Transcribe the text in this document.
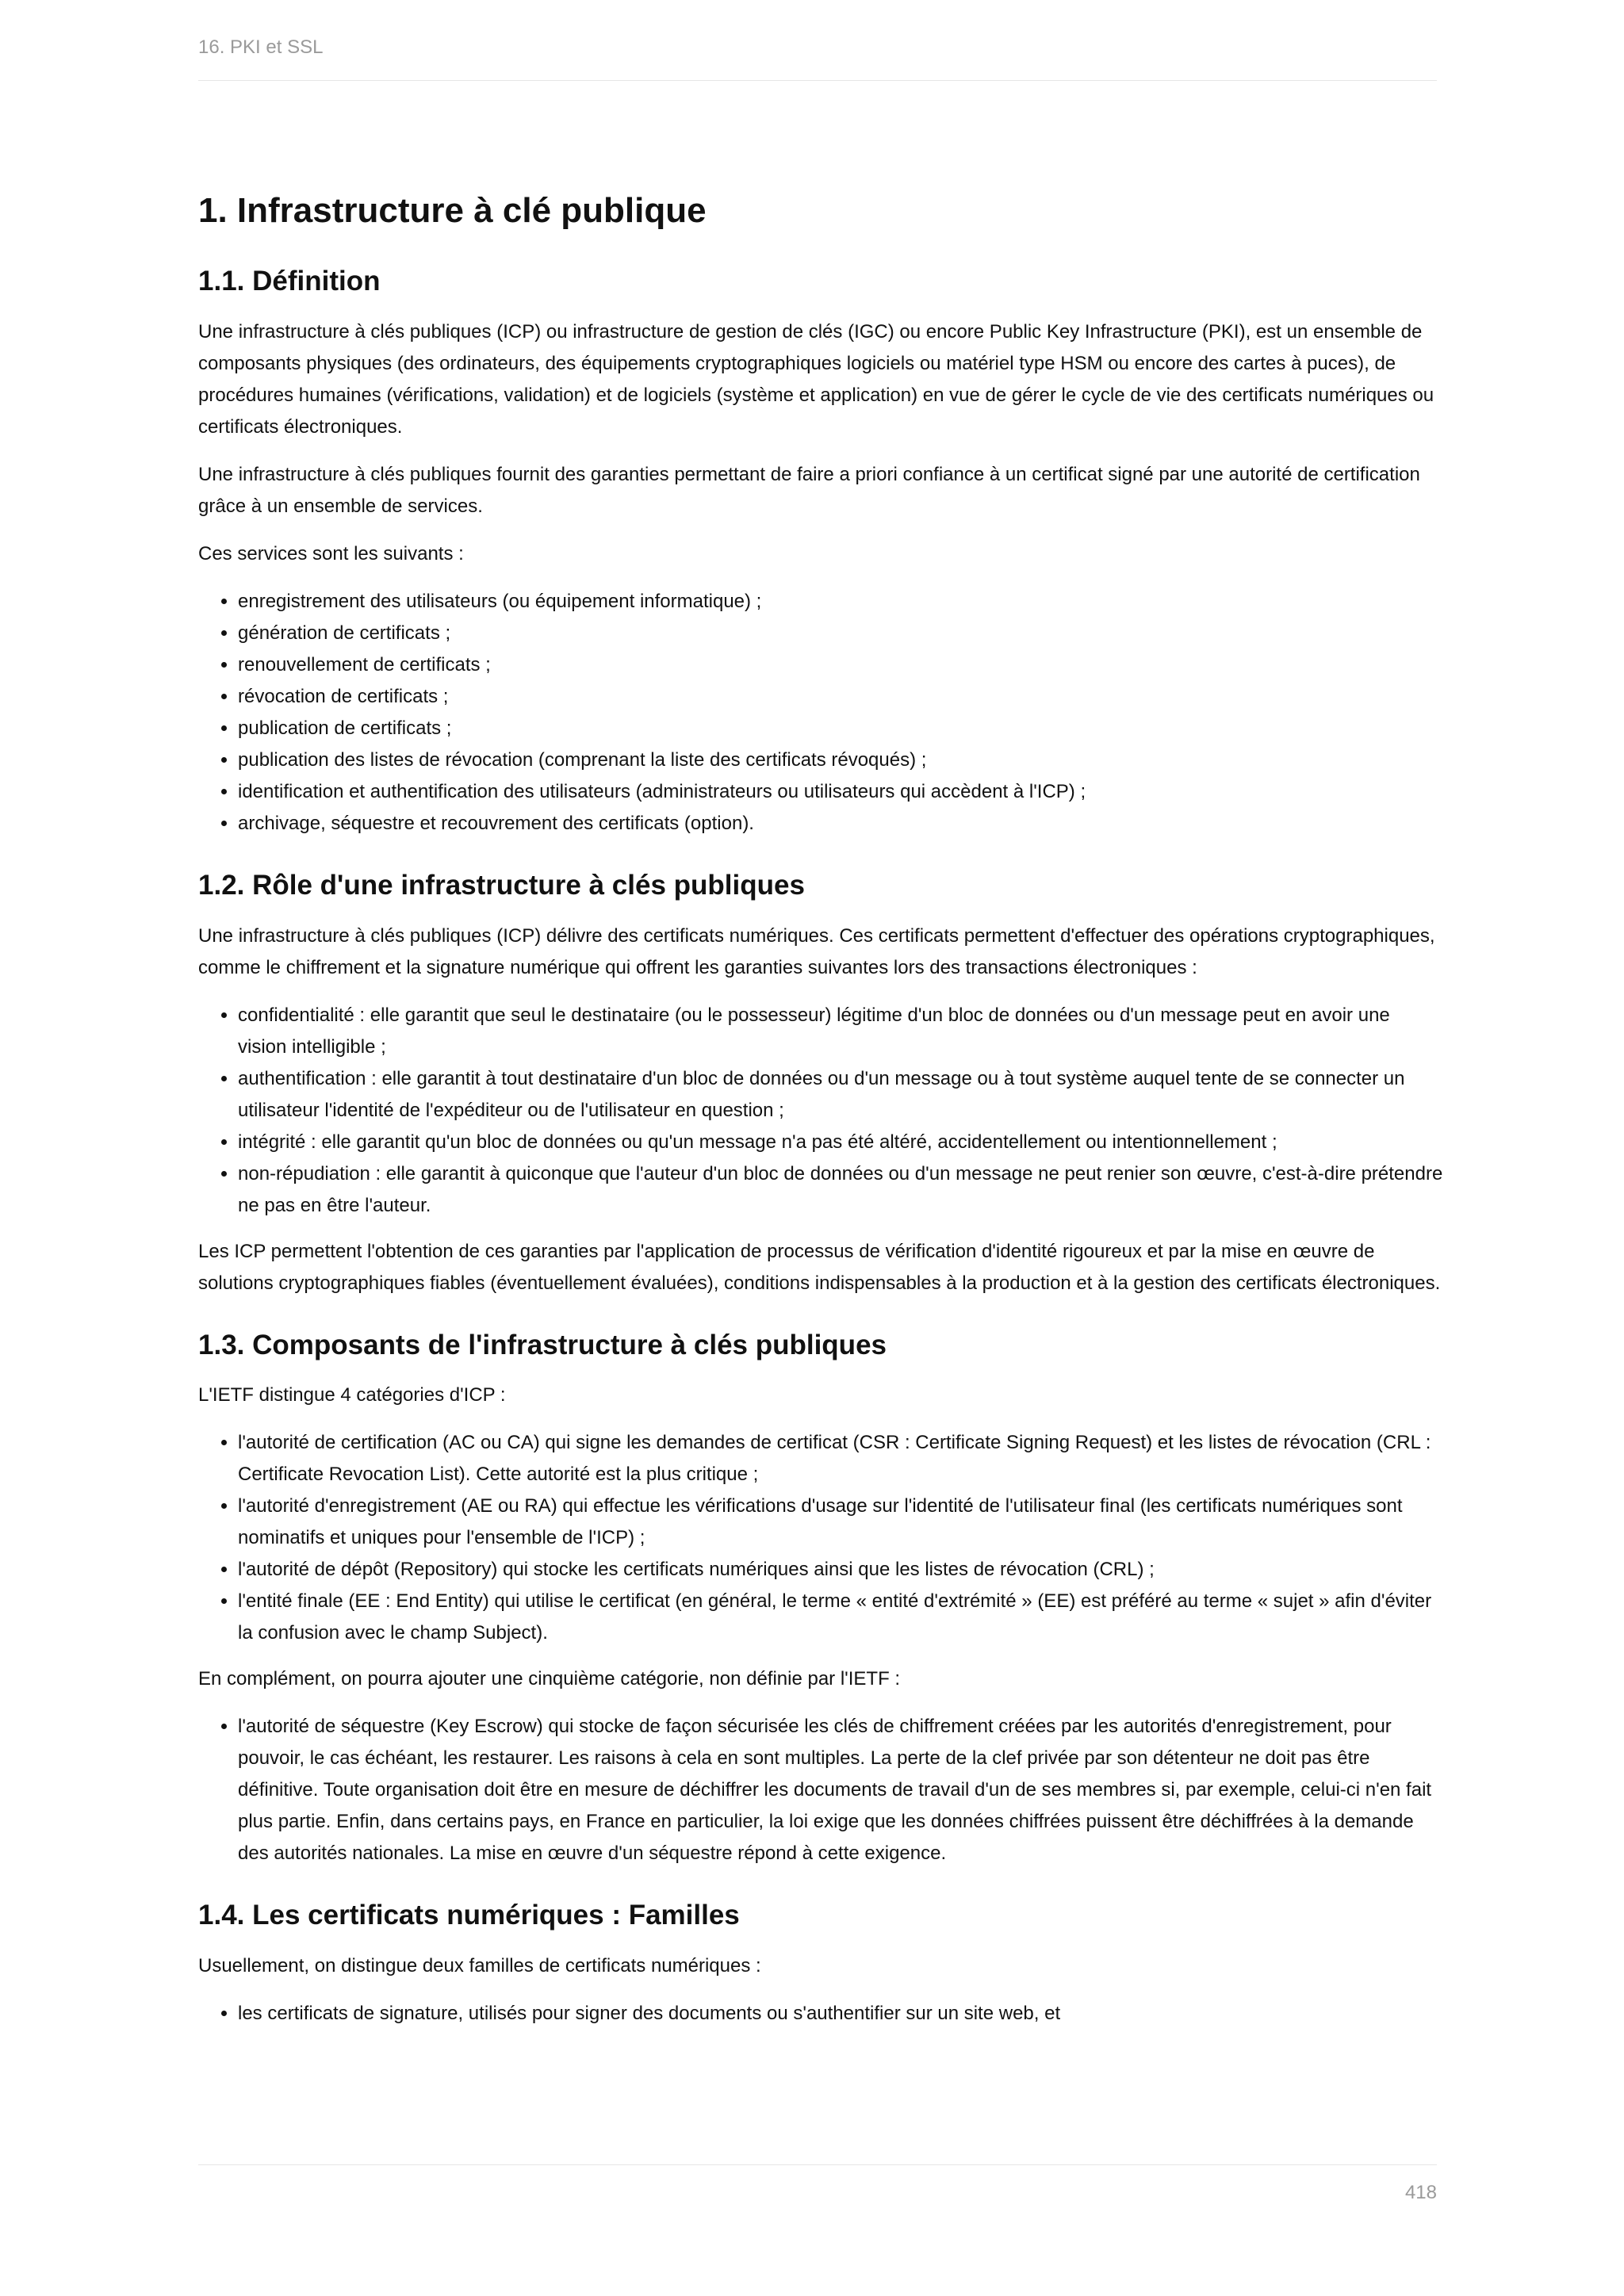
16. PKI et SSL
1. Infrastructure à clé publique
1.1. Définition

Une infrastructure à clés publiques (ICP) ou infrastructure de gestion de clés (IGC) ou encore Public Key Infrastructure (PKI), est un ensemble de composants physiques (des ordinateurs, des équipements cryptographiques logiciels ou matériel type HSM ou encore des cartes à puces), de procédures humaines (vérifications, validation) et de logiciels (système et application) en vue de gérer le cycle de vie des certificats numériques ou certificats électroniques.

Une infrastructure à clés publiques fournit des garanties permettant de faire a priori confiance à un certificat signé par une autorité de certification grâce à un ensemble de services.

Ces services sont les suivants :

• enregistrement des utilisateurs (ou équipement informatique) ;
• génération de certificats ;
• renouvellement de certificats ;
• révocation de certificats ;
• publication de certificats ;
• publication des listes de révocation (comprenant la liste des certificats révoqués) ;
• identification et authentification des utilisateurs (administrateurs ou utilisateurs qui accèdent à l'ICP) ;
• archivage, séquestre et recouvrement des certificats (option).
1.2. Rôle d'une infrastructure à clés publiques

Une infrastructure à clés publiques (ICP) délivre des certificats numériques. Ces certificats permettent d'effectuer des opérations cryptographiques, comme le chiffrement et la signature numérique qui offrent les garanties suivantes lors des transactions électroniques :

• confidentialité : elle garantit que seul le destinataire (ou le possesseur) légitime d'un bloc de données ou d'un message peut en avoir une vision intelligible ;
• authentification : elle garantit à tout destinataire d'un bloc de données ou d'un message ou à tout système auquel tente de se connecter un utilisateur l'identité de l'expéditeur ou de l'utilisateur en question ;
• intégrité : elle garantit qu'un bloc de données ou qu'un message n'a pas été altéré, accidentellement ou intentionnellement ;
• non-répudiation : elle garantit à quiconque que l'auteur d'un bloc de données ou d'un message ne peut renier son œuvre, c'est-à-dire prétendre ne pas en être l'auteur.

Les ICP permettent l'obtention de ces garanties par l'application de processus de vérification d'identité rigoureux et par la mise en œuvre de solutions cryptographiques fiables (éventuellement évaluées), conditions indispensables à la production et à la gestion des certificats électroniques.

1.3. Composants de l'infrastructure à clés publiques

L'IETF distingue 4 catégories d'ICP :

• l'autorité de certification (AC ou CA) qui signe les demandes de certificat (CSR : Certificate Signing Request) et les listes de révocation (CRL : Certificate Revocation List). Cette autorité est la plus critique ;
• l'autorité d'enregistrement (AE ou RA) qui effectue les vérifications d'usage sur l'identité de l'utilisateur final (les certificats numériques sont nominatifs et uniques pour l'ensemble de l'ICP) ;
• l'autorité de dépôt (Repository) qui stocke les certificats numériques ainsi que les listes de révocation (CRL) ;
• l'entité finale (EE : End Entity) qui utilise le certificat (en général, le terme « entité d'extrémité » (EE) est préféré au terme « sujet » afin d'éviter la confusion avec le champ Subject).

En complément, on pourra ajouter une cinquième catégorie, non définie par l'IETF :

• l'autorité de séquestre (Key Escrow) qui stocke de façon sécurisée les clés de chiffrement créées par les autorités d'enregistrement, pour pouvoir, le cas échéant, les restaurer. Les raisons à cela en sont multiples. La perte de la clef privée par son détenteur ne doit pas être définitive. Toute organisation doit être en mesure de déchiffrer les documents de travail d'un de ses membres si, par exemple, celui-ci n'en fait plus partie. Enfin, dans certains pays, en France en particulier, la loi exige que les données chiffrées puissent être déchiffrées à la demande des autorités nationales. La mise en œuvre d'un séquestre répond à cette exigence.
1.4. Les certificats numériques : Familles

Usuellement, on distingue deux familles de certificats numériques :

• les certificats de signature, utilisés pour signer des documents ou s'authentifier sur un site web, et
418
